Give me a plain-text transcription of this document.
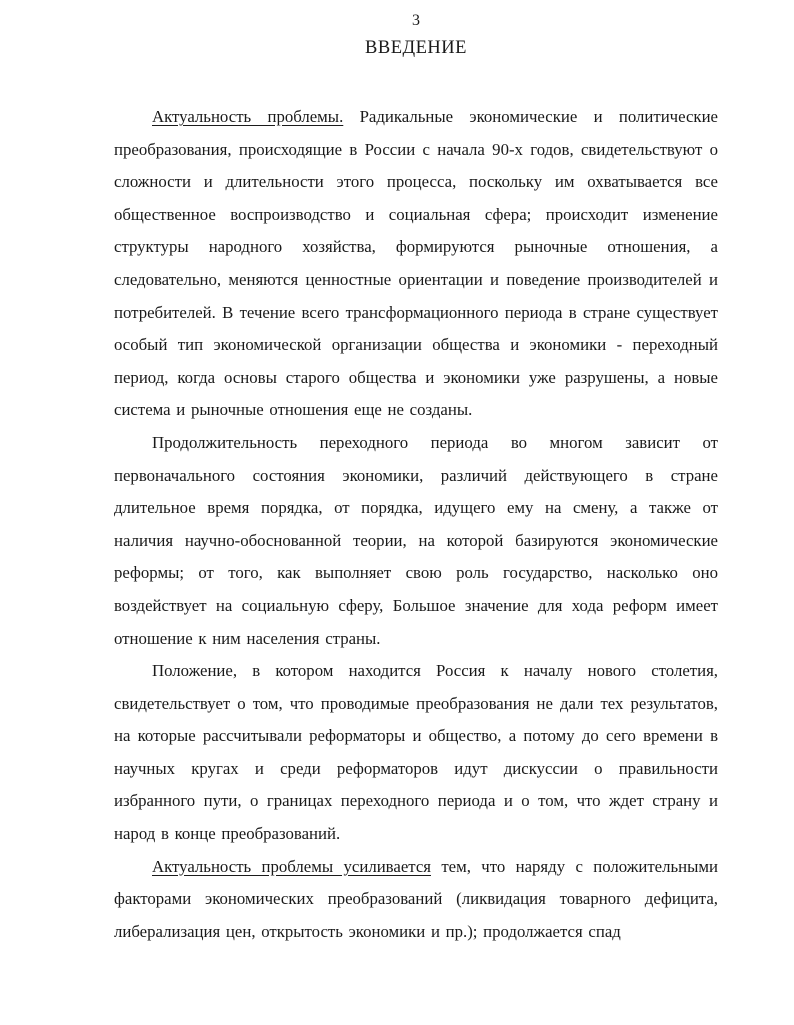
3
ВВЕДЕНИЕ

Актуальность проблемы. Радикальные экономические и политические преобразования, происходящие в России с начала 90-х годов, свидетельствуют о сложности и длительности этого процесса, поскольку им охватывается все общественное воспроизводство и социальная сфера; происходит изменение структуры народного хозяйства, формируются рыночные отношения, а следовательно, меняются ценностные ориентации и поведение производителей и потребителей. В течение всего трансформационного периода в стране существует особый тип экономической организации общества и экономики - переходный период, когда основы старого общества и экономики уже разрушены, а новые система и рыночные отношения еще не созданы.

Продолжительность переходного периода во многом зависит от первоначального состояния экономики, различий действующего в стране длительное время порядка, от порядка, идущего ему на смену, а также от наличия научно-обоснованной теории, на которой базируются экономические реформы; от того, как выполняет свою роль государство, насколько оно воздействует на социальную сферу, Большое значение для хода реформ имеет отношение к ним населения страны.

Положение, в котором находится Россия к началу нового столетия, свидетельствует о том, что проводимые преобразования не дали тех результатов, на которые рассчитывали реформаторы и общество, а потому до сего времени в научных кругах и среди реформаторов идут дискуссии о правильности избранного пути, о границах переходного периода и о том, что ждет страну и народ в конце преобразований.

Актуальность проблемы усиливается тем, что наряду с положительными факторами экономических преобразований (ликвидация товарного дефицита, либерализация цен, открытость экономики и пр.); продолжается спад
